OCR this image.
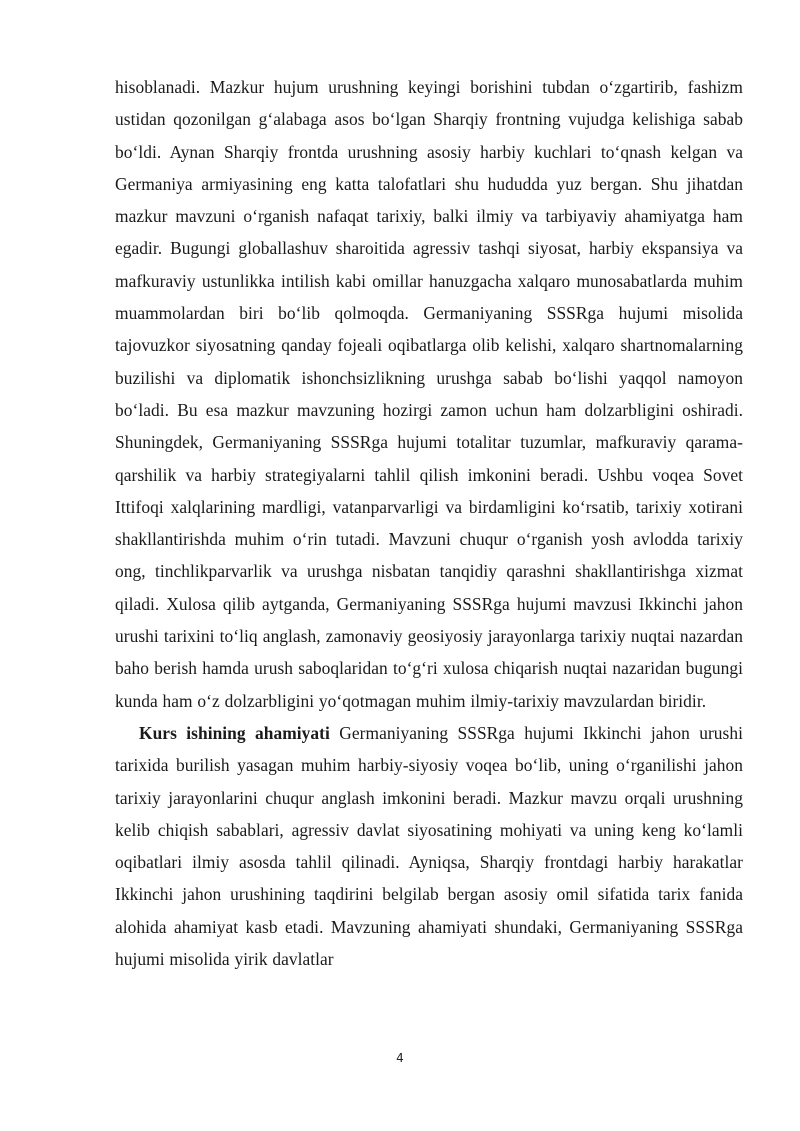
hisoblanadi. Mazkur hujum urushning keyingi borishini tubdan o‘zgartirib, fashizm ustidan qozonilgan g‘alabaga asos bo‘lgan Sharqiy frontning vujudga kelishiga sabab bo‘ldi. Aynan Sharqiy frontda urushning asosiy harbiy kuchlari to‘qnash kelgan va Germaniya armiyasining eng katta talofatlari shu hududda yuz bergan. Shu jihatdan mazkur mavzuni o‘rganish nafaqat tarixiy, balki ilmiy va tarbiyaviy ahamiyatga ham egadir. Bugungi globallashuv sharoitida agressiv tashqi siyosat, harbiy ekspansiya va mafkuraviy ustunlikka intilish kabi omillar hanuzgacha xalqaro munosabatlarda muhim muammolardan biri bo‘lib qolmoqda. Germaniyaning SSSRga hujumi misolida tajovuzkor siyosatning qanday fojeali oqibatlarga olib kelishi, xalqaro shartnomalarning buzilishi va diplomatik ishonchsizlikning urushga sabab bo‘lishi yaqqol namoyon bo‘ladi. Bu esa mazkur mavzuning hozirgi zamon uchun ham dolzarbligini oshiradi. Shuningdek, Germaniyaning SSSRga hujumi totalitar tuzumlar, mafkuraviy qarama-qarshilik va harbiy strategiyalarni tahlil qilish imkonini beradi. Ushbu voqea Sovet Ittifoqi xalqlarining mardligi, vatanparvarligi va birdamligini ko‘rsatib, tarixiy xotirani shakllantirishda muhim o‘rin tutadi. Mavzuni chuqur o‘rganish yosh avlodda tarixiy ong, tinchlikparvarlik va urushga nisbatan tanqidiy qarashni shakllantirishga xizmat qiladi. Xulosa qilib aytganda, Germaniyaning SSSRga hujumi mavzusi Ikkinchi jahon urushi tarixini to‘liq anglash, zamonaviy geosiyosiy jarayonlarga tarixiy nuqtai nazardan baho berish hamda urush saboqlaridan to‘g‘ri xulosa chiqarish nuqtai nazaridan bugungi kunda ham o‘z dolzarbligini yo‘qotmagan muhim ilmiy-tarixiy mavzulardan biridir.

Kurs ishining ahamiyati Germaniyaning SSSRga hujumi Ikkinchi jahon urushi tarixida burilish yasagan muhim harbiy-siyosiy voqea bo‘lib, uning o‘rganilishi jahon tarixiy jarayonlarini chuqur anglash imkonini beradi. Mazkur mavzu orqali urushning kelib chiqish sabablari, agressiv davlat siyosatining mohiyati va uning keng ko‘lamli oqibatlari ilmiy asosda tahlil qilinadi. Ayniqsa, Sharqiy frontdagi harbiy harakatlar Ikkinchi jahon urushining taqdirini belgilab bergan asosiy omil sifatida tarix fanida alohida ahamiyat kasb etadi. Mavzuning ahamiyati shundaki, Germaniyaning SSSRga hujumi misolida yirik davlatlar

4
